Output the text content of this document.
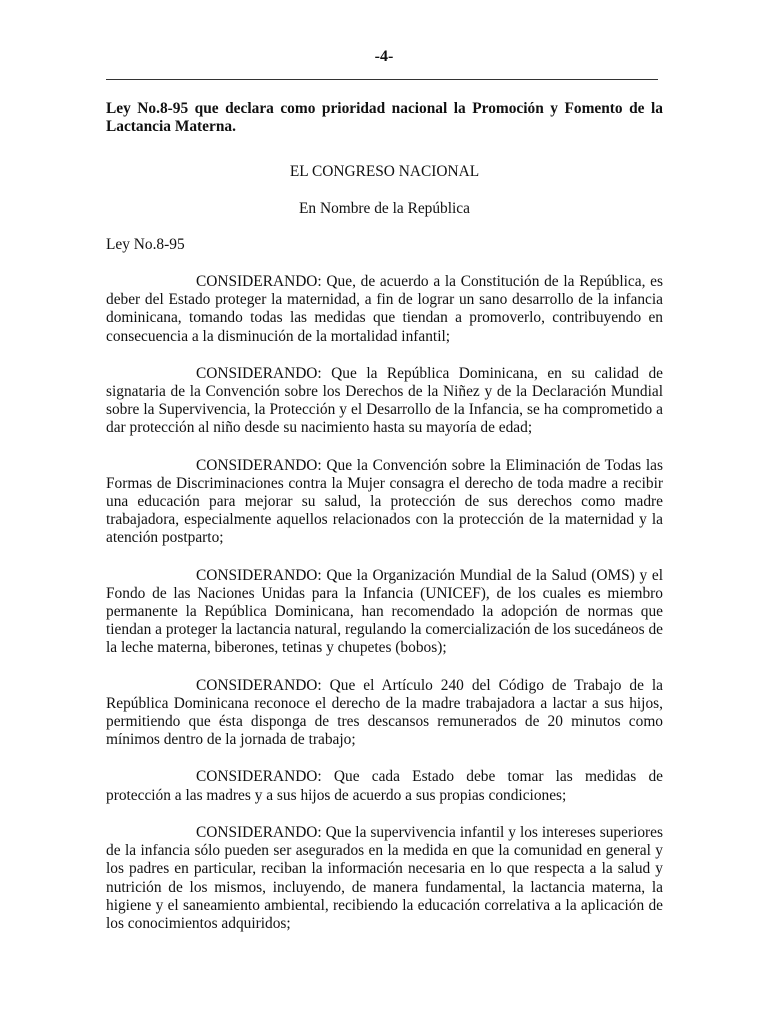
-4-

Ley No.8-95 que declara como prioridad nacional la Promoción y Fomento de la Lactancia Materna.

EL CONGRESO NACIONAL

En Nombre de la República

Ley No.8-95

CONSIDERANDO: Que, de acuerdo a la Constitución de la República, es deber del Estado proteger la maternidad, a fin de lograr un sano desarrollo de la infancia dominicana, tomando todas las medidas que tiendan a promoverlo, contribuyendo en consecuencia a la disminución de la mortalidad infantil;

CONSIDERANDO: Que la República Dominicana, en su calidad de signataria de la Convención sobre los Derechos de la Niñez y de la Declaración Mundial sobre la Supervivencia, la Protección y el Desarrollo de la Infancia, se ha comprometido a dar protección al niño desde su nacimiento hasta su mayoría de edad;

CONSIDERANDO: Que la Convención sobre la Eliminación de Todas las Formas de Discriminaciones contra la Mujer consagra el derecho de toda madre a recibir una educación para mejorar su salud, la protección de sus derechos como madre trabajadora, especialmente aquellos relacionados con la protección de la maternidad y la atención postparto;

CONSIDERANDO: Que la Organización Mundial de la Salud (OMS) y el Fondo de las Naciones Unidas para la Infancia (UNICEF), de los cuales es miembro permanente la República Dominicana, han recomendado la adopción de normas que tiendan a proteger la lactancia natural, regulando la comercialización de los sucedáneos de la leche materna, biberones, tetinas y chupetes (bobos);

CONSIDERANDO: Que el Artículo 240 del Código de Trabajo de la República Dominicana reconoce el derecho de la madre trabajadora a lactar a sus hijos, permitiendo que ésta disponga de tres descansos remunerados de 20 minutos como mínimos dentro de la jornada de trabajo;

CONSIDERANDO: Que cada Estado debe tomar las medidas de protección a las madres y a sus hijos de acuerdo a sus propias condiciones;

CONSIDERANDO: Que la supervivencia infantil y los intereses superiores de la infancia sólo pueden ser asegurados en la medida en que la comunidad en general y los padres en particular, reciban la información necesaria en lo que respecta a la salud y nutrición de los mismos, incluyendo, de manera fundamental, la lactancia materna, la higiene y el saneamiento ambiental, recibiendo la educación correlativa a la aplicación de los conocimientos adquiridos;
